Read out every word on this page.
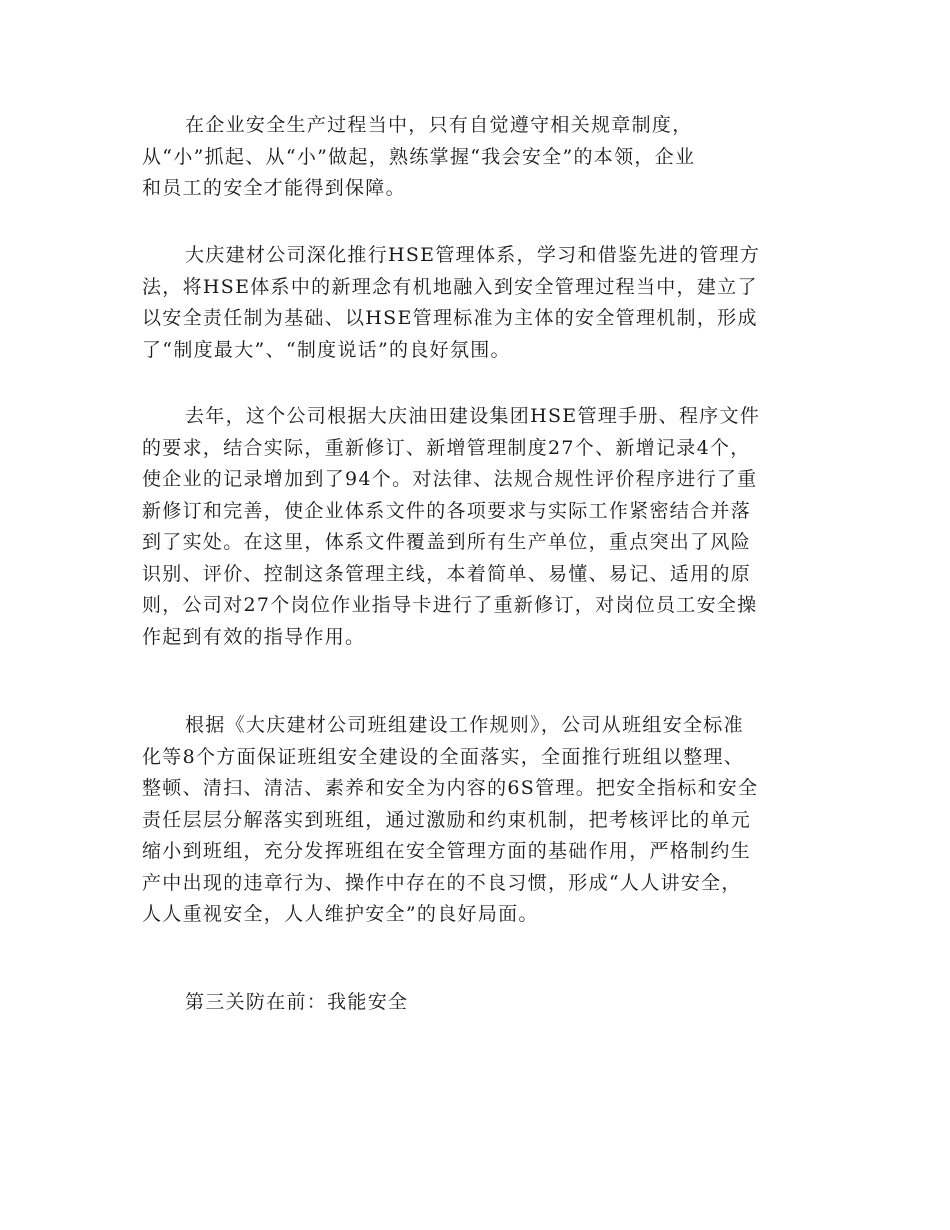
在企业安全生产过程当中，只有自觉遵守相关规章制度，
从“小”抓起、从“小”做起，熟练掌握“我会安全”的本领，企业
和员工的安全才能得到保障。
大庆建材公司深化推行HSE管理体系，学习和借鉴先进的管理方
法，将HSE体系中的新理念有机地融入到安全管理过程当中，建立了
以安全责任制为基础、以HSE管理标准为主体的安全管理机制，形成
了“制度最大”、“制度说话”的良好氛围。
去年，这个公司根据大庆油田建设集团HSE管理手册、程序文件
的要求，结合实际，重新修订、新增管理制度27个、新增记录4个，
使企业的记录增加到了94个。对法律、法规合规性评价程序进行了重
新修订和完善，使企业体系文件的各项要求与实际工作紧密结合并落
到了实处。在这里，体系文件覆盖到所有生产单位，重点突出了风险
识别、评价、控制这条管理主线，本着简单、易懂、易记、适用的原
则，公司对27个岗位作业指导卡进行了重新修订，对岗位员工安全操
作起到有效的指导作用。
根据《大庆建材公司班组建设工作规则》，公司从班组安全标准
化等8个方面保证班组安全建设的全面落实，全面推行班组以整理、
整顿、清扫、清洁、素养和安全为内容的6S管理。把安全指标和安全
责任层层分解落实到班组，通过激励和约束机制，把考核评比的单元
缩小到班组，充分发挥班组在安全管理方面的基础作用，严格制约生
产中出现的违章行为、操作中存在的不良习惯，形成“人人讲安全，
人人重视安全，人人维护安全”的良好局面。
第三关防在前：我能安全
